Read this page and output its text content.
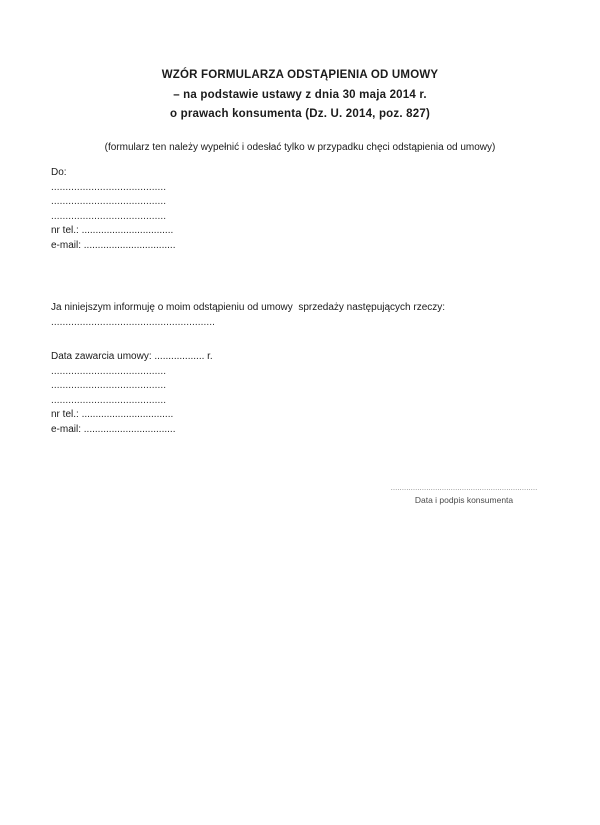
WZÓR FORMULARZA ODSTĄPIENIA OD UMOWY
– na podstawie ustawy z dnia 30 maja 2014 r.
o prawach konsumenta (Dz. U. 2014, poz. 827)
(formularz ten należy wypełnić i odesłać tylko w przypadku chęci odstąpienia od umowy)
Do:
........................................
........................................
........................................
nr tel.: .................................
e-mail: .................................
Ja niniejszym informuję o moim odstąpieniu od umowy  sprzedaży następujących rzeczy:
.........................................................
Data zawarcia umowy: .................. r.
........................................
........................................
........................................
nr tel.: .................................
e-mail: .................................
..................................................................
Data i podpis konsumenta
